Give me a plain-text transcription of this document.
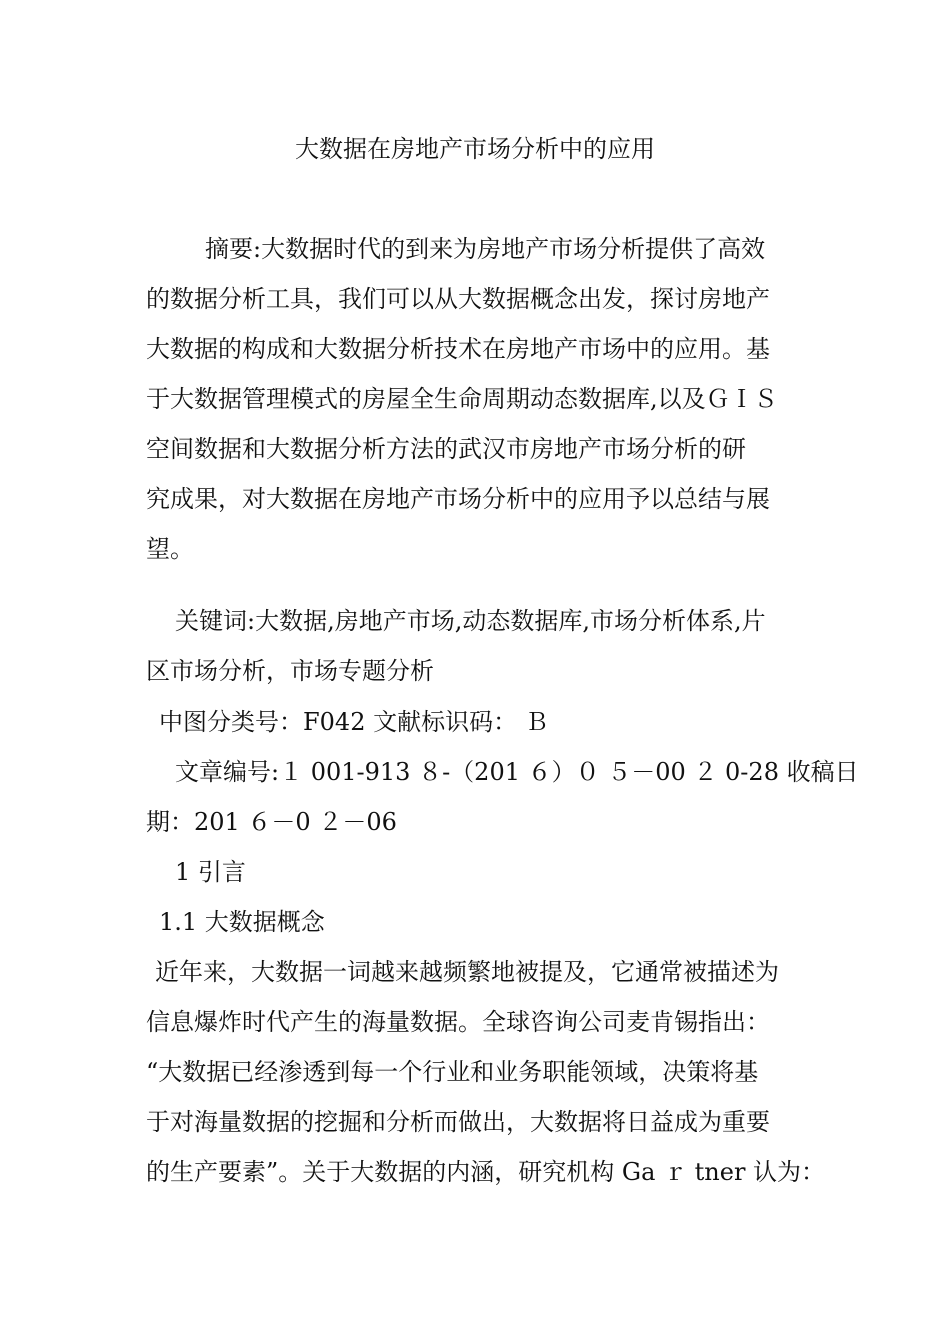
大数据在房地产市场分析中的应用
摘要:大数据时代的到来为房地产市场分析提供了高效
的数据分析工具，我们可以从大数据概念出发，探讨房地产
大数据的构成和大数据分析技术在房地产市场中的应用。基
于大数据管理模式的房屋全生命周期动态数据库,以及ＧＩＳ
空间数据和大数据分析方法的武汉市房地产市场分析的研
究成果，对大数据在房地产市场分析中的应用予以总结与展
望。
关键词:大数据,房地产市场,动态数据库,市场分析体系,片
区市场分析，市场专题分析
中图分类号：F042 文献标识码： Ｂ
文章编号:１ 001-913 ８-（201 ６）０ ５－00 ２ 0-28 收稿日
期：201 ６－0 ２－06
1 引言
1.1 大数据概念
近年来，大数据一词越来越频繁地被提及，它通常被描述为
信息爆炸时代产生的海量数据。全球咨询公司麦肯锡指出：
“大数据已经渗透到每一个行业和业务职能领域，决策将基
于对海量数据的挖掘和分析而做出，大数据将日益成为重要
的生产要素”。关于大数据的内涵，研究机构 Ga ｒ tner 认为：
